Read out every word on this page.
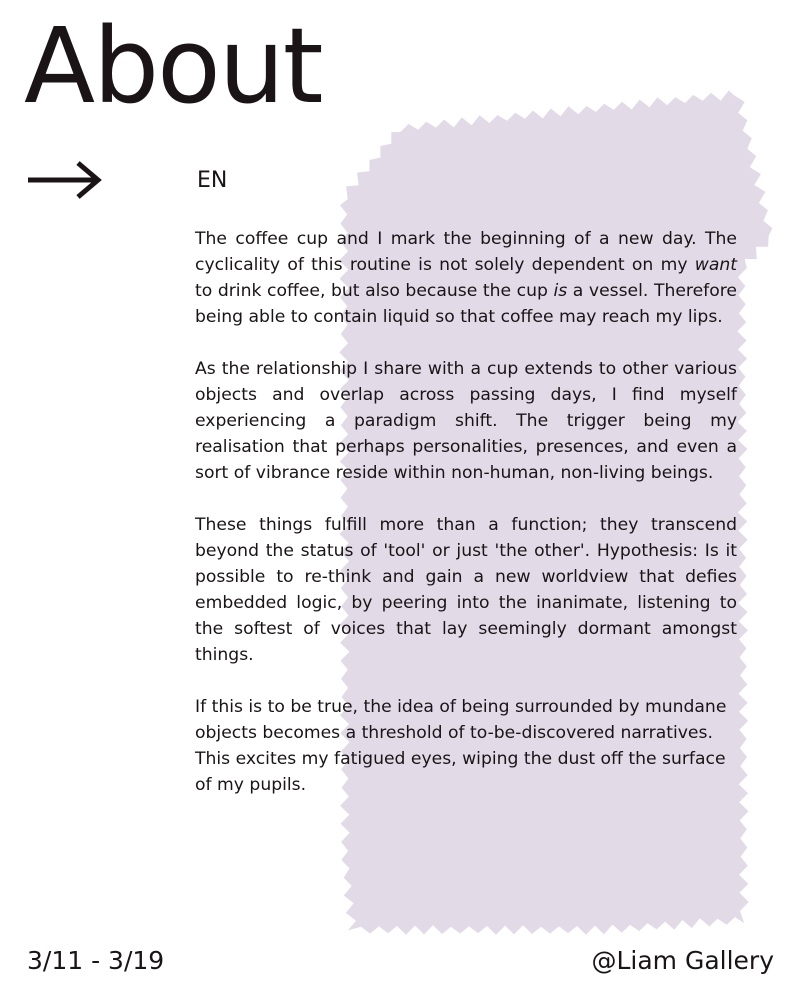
About
EN

The coffee cup and I mark the beginning of a new day. The cyclicality of this routine is not solely dependent on my want to drink coffee, but also because the cup is a vessel. Therefore being able to contain liquid so that coffee may reach my lips.

As the relationship I share with a cup extends to other various objects and overlap across passing days, I find myself experiencing a paradigm shift. The trigger being my realisation that perhaps personalities, presences, and even a sort of vibrance reside within non-human, non-living beings.

These things fulfill more than a function; they transcend beyond the status of 'tool' or just 'the other'. Hypothesis: Is it possible to re-think and gain a new worldview that defies embedded logic, by peering into the inanimate, listening to the softest of voices that lay seemingly dormant amongst things.

If this is to be true, the idea of being surrounded by mundane objects becomes a threshold of to-be-discovered narratives. This excites my fatigued eyes, wiping the dust off the surface of my pupils.

3/11 - 3/19	@Liam Gallery
